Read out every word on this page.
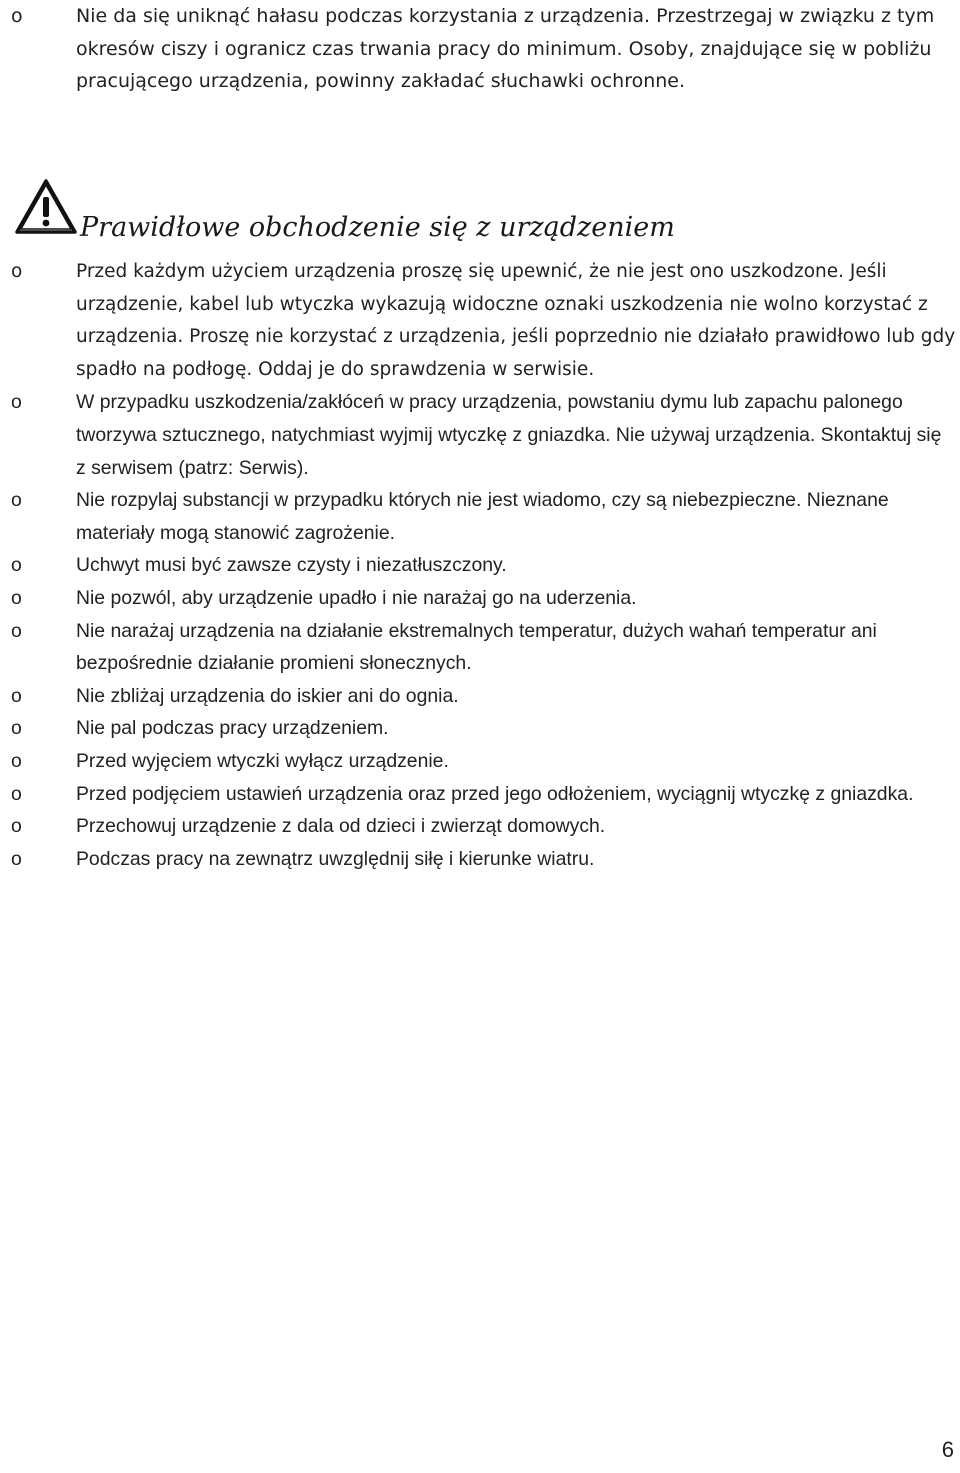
o	Nie da się uniknąć hałasu podczas korzystania z urządzenia. Przestrzegaj w związku z tym okresów ciszy i ogranicz czas trwania pracy do minimum. Osoby, znajdujące się w pobliżu pracującego urządzenia, powinny zakładać słuchawki ochronne.
Prawidłowe obchodzenie się z urządzeniem
o	Przed każdym użyciem urządzenia proszę się upewnić, że nie jest ono uszkodzone. Jeśli urządzenie, kabel lub wtyczka wykazują widoczne oznaki uszkodzenia nie wolno korzystać z urządzenia. Proszę nie korzystać z urządzenia, jeśli poprzednio nie działało prawidłowo lub gdy spadło na podłogę. Oddaj je do sprawdzenia w serwisie.
o	W przypadku uszkodzenia/zakłóceń w pracy urządzenia, powstaniu dymu lub zapachu palonego tworzywa sztucznego, natychmiast wyjmij wtyczkę z gniazdka. Nie używaj urządzenia. Skontaktuj się z serwisem (patrz: Serwis).
o	Nie rozpylaj substancji w przypadku których nie jest wiadomo, czy są niebezpieczne. Nieznane materiały mogą stanowić zagrożenie.
o	Uchwyt musi być zawsze czysty i niezatłuszczony.
o	Nie pozwól, aby urządzenie upadło i nie narażaj go na uderzenia.
o	Nie narażaj urządzenia na działanie ekstremalnych temperatur, dużych wahań temperatur ani bezpośrednie działanie promieni słonecznych.
o	Nie zbliżaj urządzenia do iskier ani do ognia.
o	Nie pal podczas pracy urządzeniem.
o	Przed wyjęciem wtyczki wyłącz urządzenie.
o	Przed podjęciem ustawień urządzenia oraz przed jego odłożeniem, wyciągnij wtyczkę z gniazdka.
o	Przechowuj urządzenie z dala od dzieci i zwierząt domowych.
o	Podczas pracy na zewnątrz uwzględnij siłę i kierunke wiatru.
6
